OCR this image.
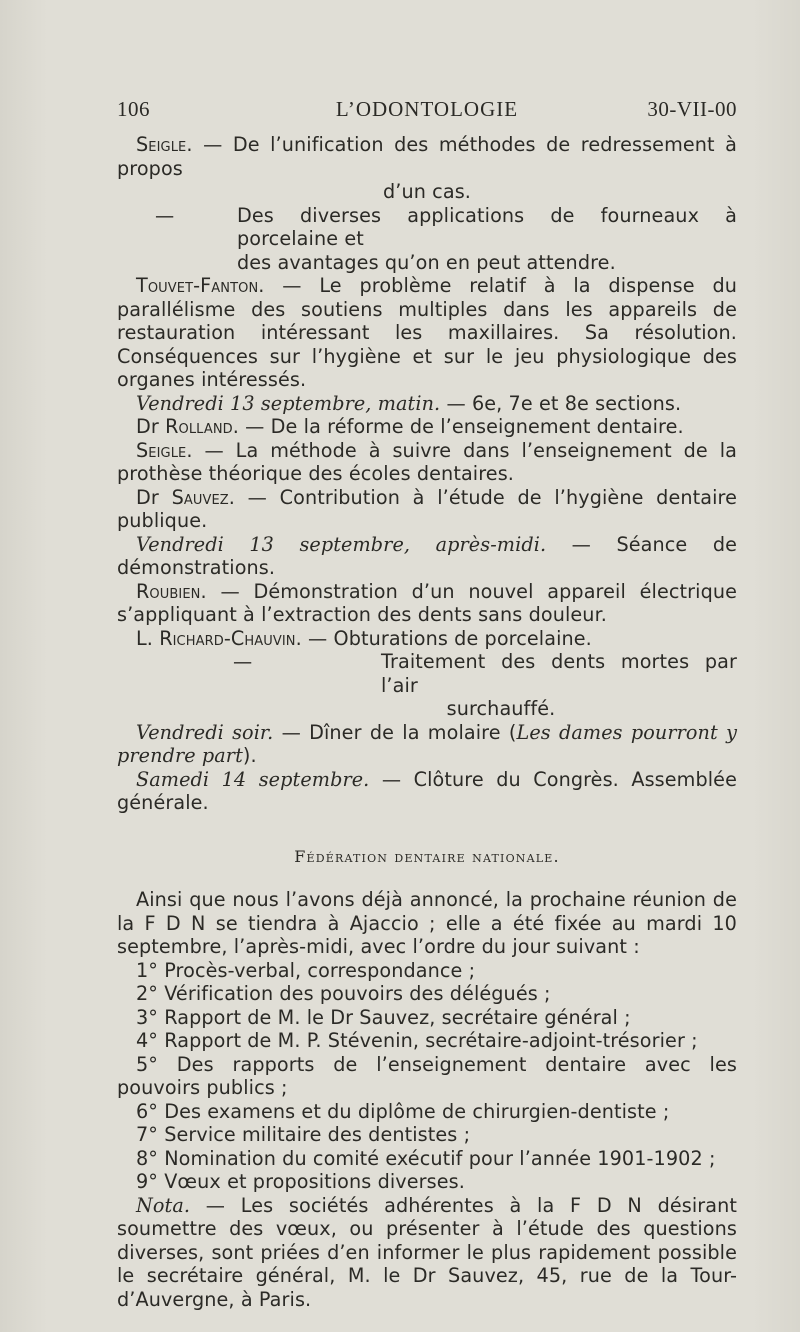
106	L’ODONTOLOGIE	30-VII-00

Seigle. — De l’unification des méthodes de redressement à propos

d’un cas.

—	Des diverses applications de fourneaux à porcelaine et

des avantages qu’on en peut attendre.

Touvet-Fanton. — Le problème relatif à la dispense du parallélisme des soutiens multiples dans les appareils de restauration intéressant les maxillaires. Sa résolution. Conséquences sur l’hygiène et sur le jeu physiologique des organes intéressés.

Vendredi 13 septembre, matin. — 6e, 7e et 8e sections.

Dr Rolland. — De la réforme de l’enseignement dentaire.

Seigle. — La méthode à suivre dans l’enseignement de la prothèse théorique des écoles dentaires.

Dr Sauvez. — Contribution à l’étude de l’hygiène dentaire publique.

Vendredi 13 septembre, après-midi. — Séance de démonstrations.

Roubien. — Démonstration d’un nouvel appareil électrique s’appliquant à l’extraction des dents sans douleur.

L. Richard-Chauvin. — Obturations de porcelaine.

—	Traitement des dents mortes par l’air

surchauffé.

Vendredi soir. — Dîner de la molaire (Les dames pourront y prendre part).

Samedi 14 septembre. — Clôture du Congrès. Assemblée générale.

Fédération dentaire nationale.

Ainsi que nous l’avons déjà annoncé, la prochaine réunion de la F D N se tiendra à Ajaccio ; elle a été fixée au mardi 10 septembre, l’après-midi, avec l’ordre du jour suivant :

1° Procès-verbal, correspondance ;

2° Vérification des pouvoirs des délégués ;

3° Rapport de M. le Dr Sauvez, secrétaire général ;

4° Rapport de M. P. Stévenin, secrétaire-adjoint-trésorier ;

5° Des rapports de l’enseignement dentaire avec les pouvoirs publics ;

6° Des examens et du diplôme de chirurgien-dentiste ;

7° Service militaire des dentistes ;

8° Nomination du comité exécutif pour l’année 1901-1902 ;

9° Vœux et propositions diverses.

Nota. — Les sociétés adhérentes à la F D N désirant soumettre des vœux, ou présenter à l’étude des questions diverses, sont priées d’en informer le plus rapidement possible le secrétaire général, M. le Dr Sauvez, 45, rue de la Tour-d’Auvergne, à Paris.
